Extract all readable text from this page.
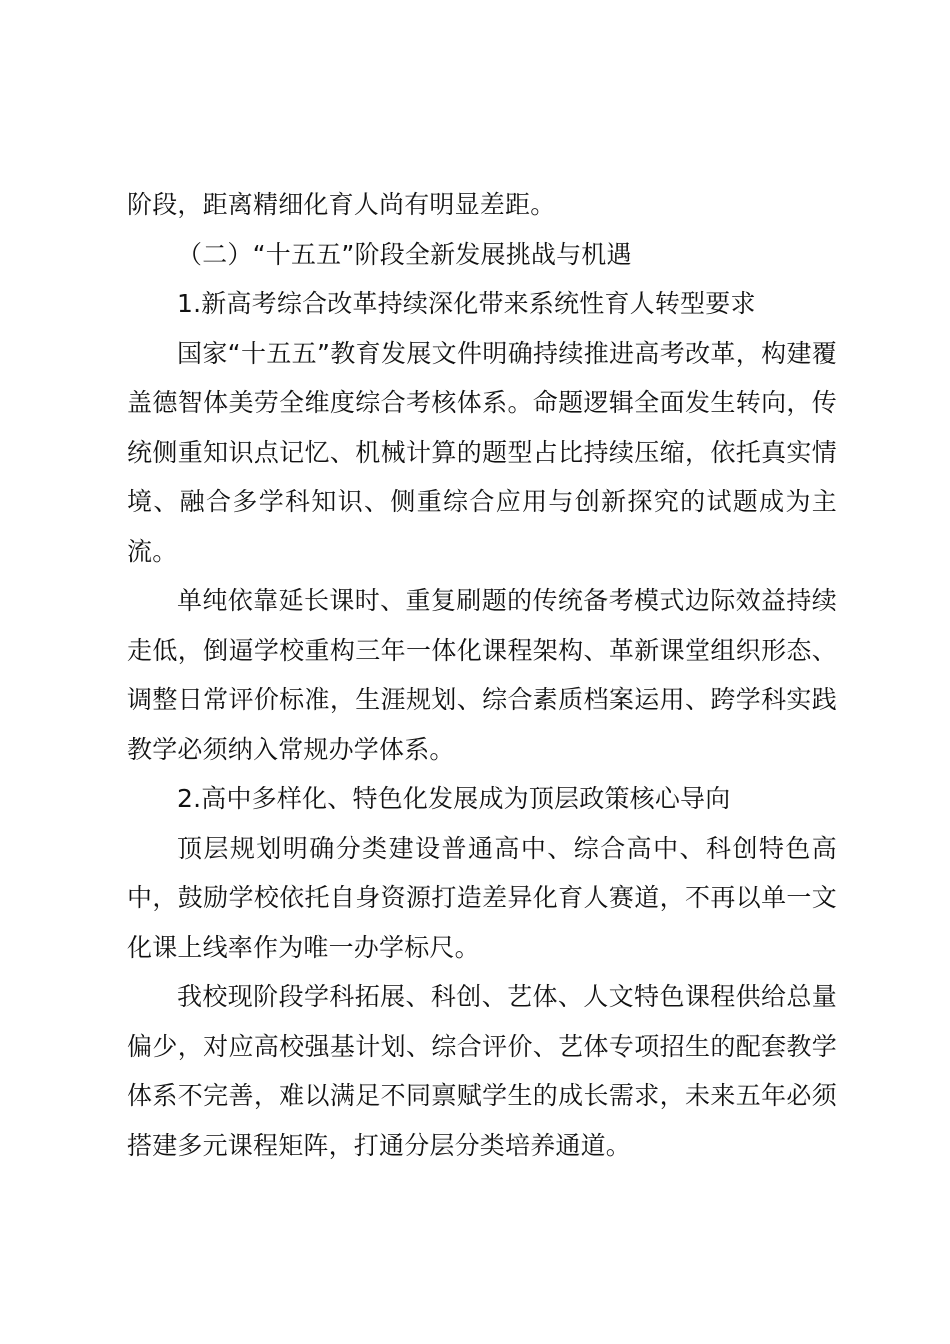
阶段，距离精细化育人尚有明显差距。

（二）“十五五”阶段全新发展挑战与机遇

1.新高考综合改革持续深化带来系统性育人转型要求

国家“十五五”教育发展文件明确持续推进高考改革，构建覆盖德智体美劳全维度综合考核体系。命题逻辑全面发生转向，传统侧重知识点记忆、机械计算的题型占比持续压缩，依托真实情境、融合多学科知识、侧重综合应用与创新探究的试题成为主流。

单纯依靠延长课时、重复刷题的传统备考模式边际效益持续走低，倒逼学校重构三年一体化课程架构、革新课堂组织形态、调整日常评价标准，生涯规划、综合素质档案运用、跨学科实践教学必须纳入常规办学体系。

2.高中多样化、特色化发展成为顶层政策核心导向

顶层规划明确分类建设普通高中、综合高中、科创特色高中，鼓励学校依托自身资源打造差异化育人赛道，不再以单一文化课上线率作为唯一办学标尺。

我校现阶段学科拓展、科创、艺体、人文特色课程供给总量偏少，对应高校强基计划、综合评价、艺体专项招生的配套教学体系不完善，难以满足不同禀赋学生的成长需求，未来五年必须搭建多元课程矩阵，打通分层分类培养通道。
